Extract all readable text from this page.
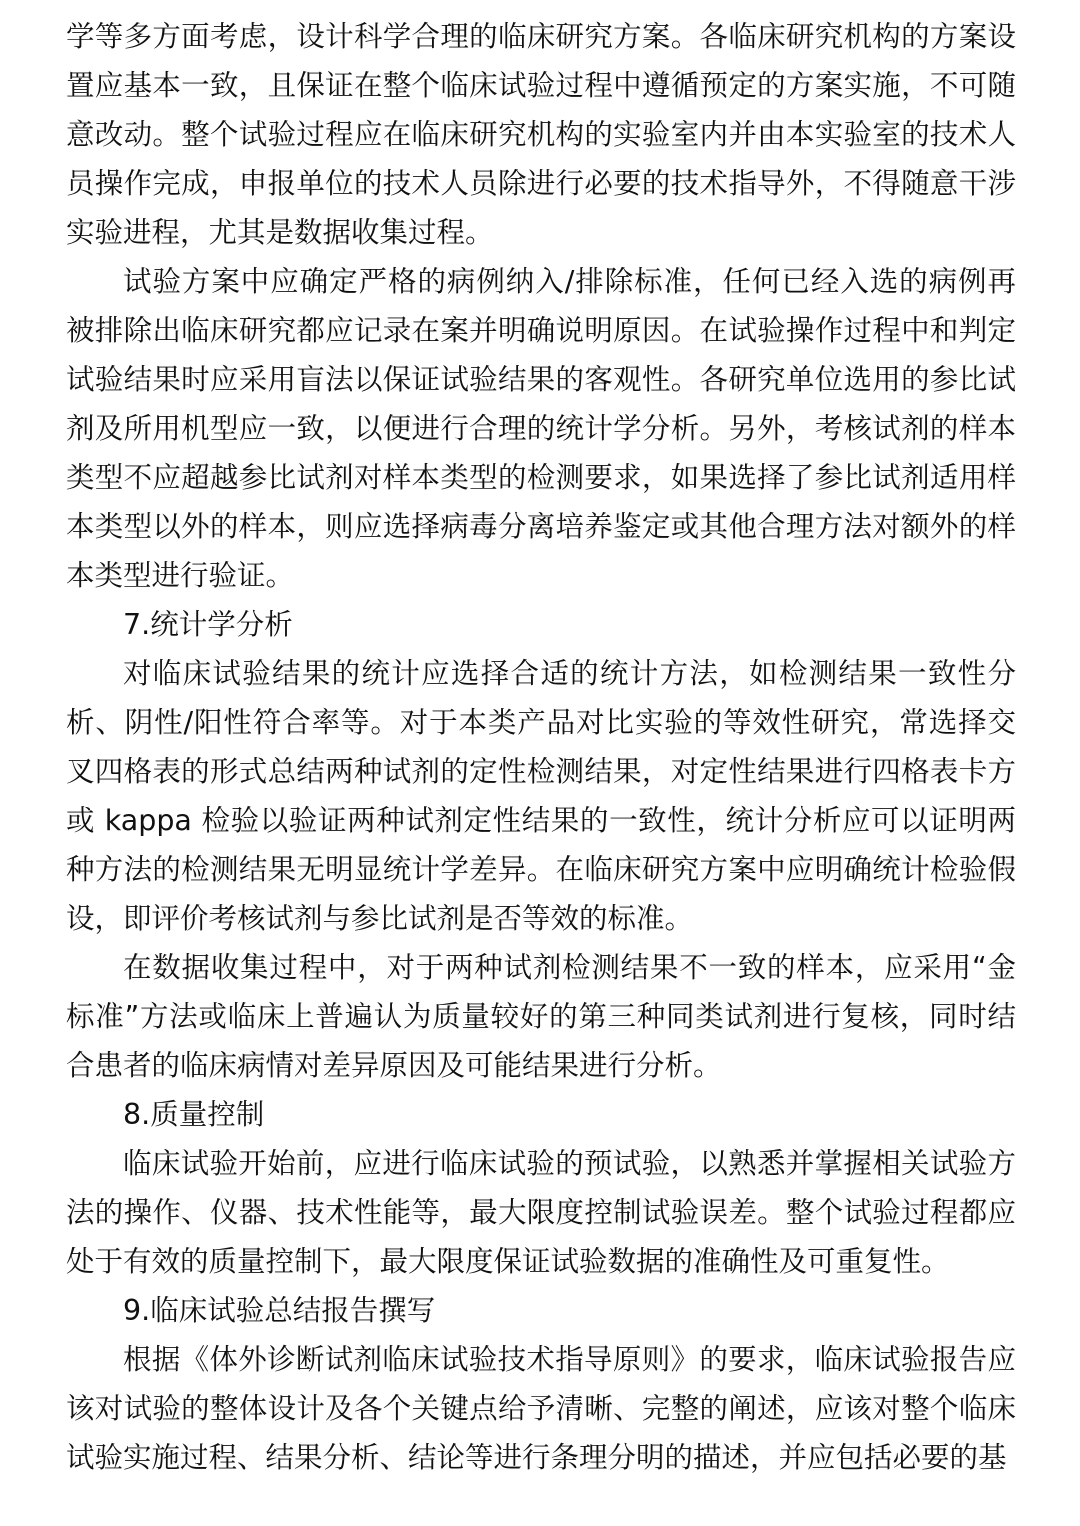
学等多方面考虑，设计科学合理的临床研究方案。各临床研究机构的方案设置应基本一致，且保证在整个临床试验过程中遵循预定的方案实施，不可随意改动。整个试验过程应在临床研究机构的实验室内并由本实验室的技术人员操作完成，申报单位的技术人员除进行必要的技术指导外，不得随意干涉实验进程，尤其是数据收集过程。

试验方案中应确定严格的病例纳入/排除标准，任何已经入选的病例再被排除出临床研究都应记录在案并明确说明原因。在试验操作过程中和判定试验结果时应采用盲法以保证试验结果的客观性。各研究单位选用的参比试剂及所用机型应一致，以便进行合理的统计学分析。另外，考核试剂的样本类型不应超越参比试剂对样本类型的检测要求，如果选择了参比试剂适用样本类型以外的样本，则应选择病毒分离培养鉴定或其他合理方法对额外的样本类型进行验证。

7.统计学分析

对临床试验结果的统计应选择合适的统计方法，如检测结果一致性分析、阴性/阳性符合率等。对于本类产品对比实验的等效性研究，常选择交叉四格表的形式总结两种试剂的定性检测结果，对定性结果进行四格表卡方或 kappa 检验以验证两种试剂定性结果的一致性，统计分析应可以证明两种方法的检测结果无明显统计学差异。在临床研究方案中应明确统计检验假设，即评价考核试剂与参比试剂是否等效的标准。

在数据收集过程中，对于两种试剂检测结果不一致的样本，应采用“金标准”方法或临床上普遍认为质量较好的第三种同类试剂进行复核，同时结合患者的临床病情对差异原因及可能结果进行分析。

8.质量控制

临床试验开始前，应进行临床试验的预试验，以熟悉并掌握相关试验方法的操作、仪器、技术性能等，最大限度控制试验误差。整个试验过程都应处于有效的质量控制下，最大限度保证试验数据的准确性及可重复性。

9.临床试验总结报告撰写

根据《体外诊断试剂临床试验技术指导原则》的要求，临床试验报告应该对试验的整体设计及各个关键点给予清晰、完整的阐述，应该对整个临床试验实施过程、结果分析、结论等进行条理分明的描述，并应包括必要的基
